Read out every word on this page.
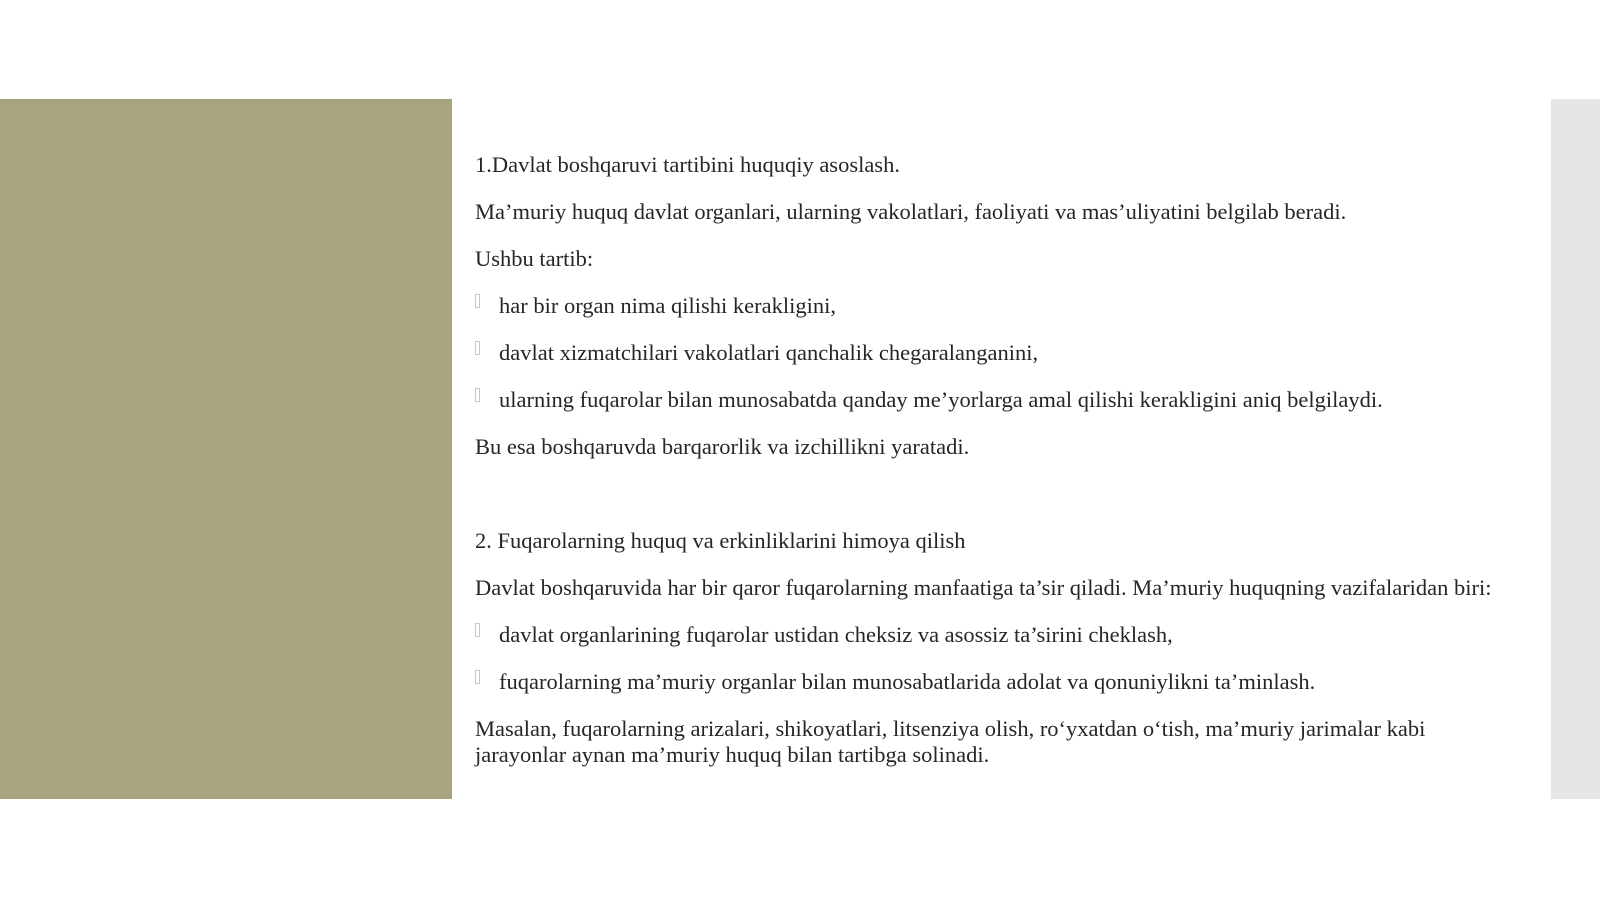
1.Davlat boshqaruvi tartibini huquqiy asoslash.

Ma’muriy huquq davlat organlari, ularning vakolatlari, faoliyati va mas’uliyatini belgilab beradi.

Ushbu tartib:

har bir organ nima qilishi kerakligini,
davlat xizmatchilari vakolatlari qanchalik chegaralanganini,
ularning fuqarolar bilan munosabatda qanday me’yorlarga amal qilishi kerakligini aniq belgilaydi.

Bu esa boshqaruvda barqarorlik va izchillikni yaratadi.

2. Fuqarolarning huquq va erkinliklarini himoya qilish

Davlat boshqaruvida har bir qaror fuqarolarning manfaatiga ta’sir qiladi. Ma’muriy huquqning vazifalaridan biri:

davlat organlarining fuqarolar ustidan cheksiz va asossiz ta’sirini cheklash,
fuqarolarning ma’muriy organlar bilan munosabatlarida adolat va qonuniylikni ta’minlash.

Masalan, fuqarolarning arizalari, shikoyatlari, litsenziya olish, ro‘yxatdan o‘tish, ma’muriy jarimalar kabi jarayonlar aynan ma’muriy huquq bilan tartibga solinadi.
